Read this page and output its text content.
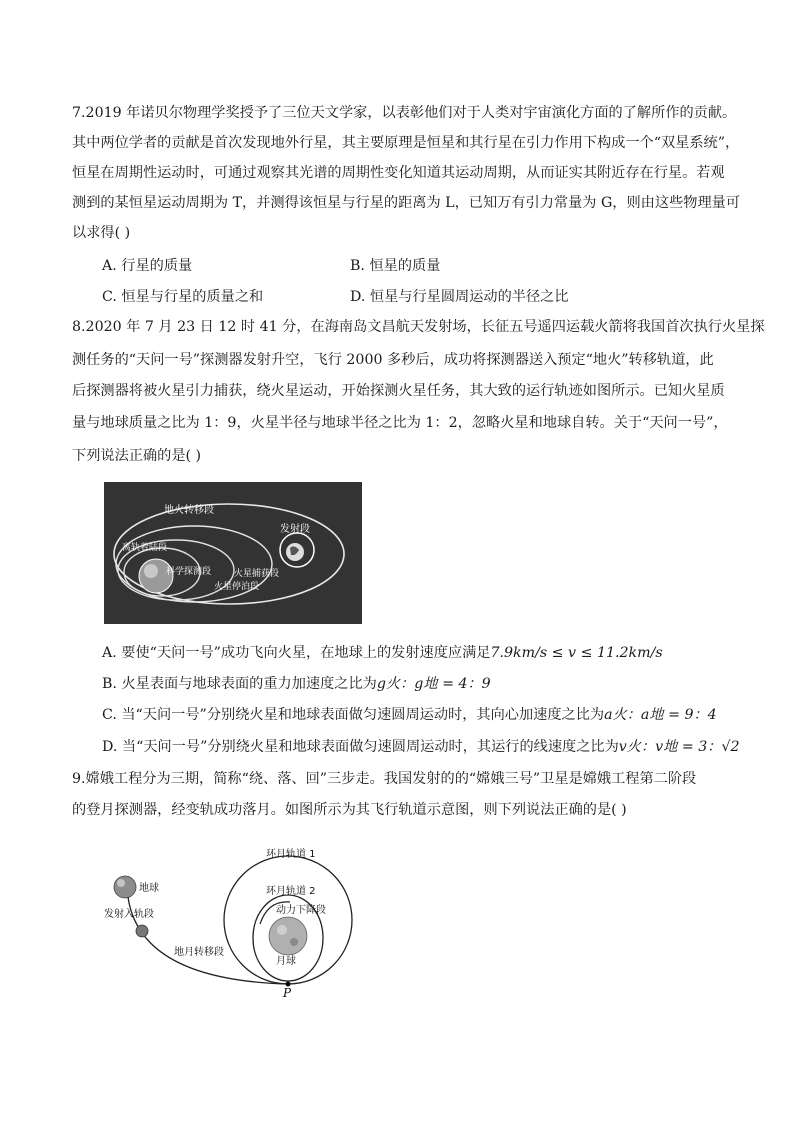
7.2019 年诺贝尔物理学奖授予了三位天文学家，以表彰他们对于人类对宇宙演化方面的了解所作的贡献。
其中两位学者的贡献是首次发现地外行星，其主要原理是恒星和其行星在引力作用下构成一个“双星系统”，
恒星在周期性运动时，可通过观察其光谱的周期性变化知道其运动周期，从而证实其附近存在行星。若观
测到的某恒星运动周期为 T，并测得该恒星与行星的距离为 L，已知万有引力常量为 G，则由这些物理量可
以求得( )
A. 行星的质量	B. 恒星的质量
C. 恒星与行星的质量之和	D. 恒星与行星圆周运动的半径之比
8.2020 年 7 月 23 日 12 时 41 分，在海南岛文昌航天发射场，长征五号遥四运载火箭将我国首次执行火星探
测任务的“天问一号”探测器发射升空，飞行 2000 多秒后，成功将探测器送入预定“地火”转移轨道，此
后探测器将被火星引力捕获，绕火星运动，开始探测火星任务，其大致的运行轨迹如图所示。已知火星质
量与地球质量之比为 1：9，火星半径与地球半径之比为 1：2，忽略火星和地球自转。关于“天问一号”，
下列说法正确的是( )
地火转移段
发射段
离轨着陆段
科学探测段	火星捕获段
火星停泊段
A. 要使“天问一号”成功飞向火星，在地球上的发射速度应满足7.9km/s ≤ v ≤ 11.2km/s
B. 火星表面与地球表面的重力加速度之比为g火：g地 = 4：9
C. 当“天问一号”分别绕火星和地球表面做匀速圆周运动时，其向心加速度之比为a火：a地 = 9：4
D. 当“天问一号”分别绕火星和地球表面做匀速圆周运动时，其运行的线速度之比为v火：v地 = 3：√2
9.嫦娥工程分为三期，简称“绕、落、回”三步走。我国发射的的“嫦娥三号”卫星是嫦娥工程第二阶段
的登月探测器，经变轨成功落月。如图所示为其飞行轨道示意图，则下列说法正确的是( )
环月轨道 1
环月轨道 2
动力下降段
地球
发射入轨段
地月转移段
月球
P
